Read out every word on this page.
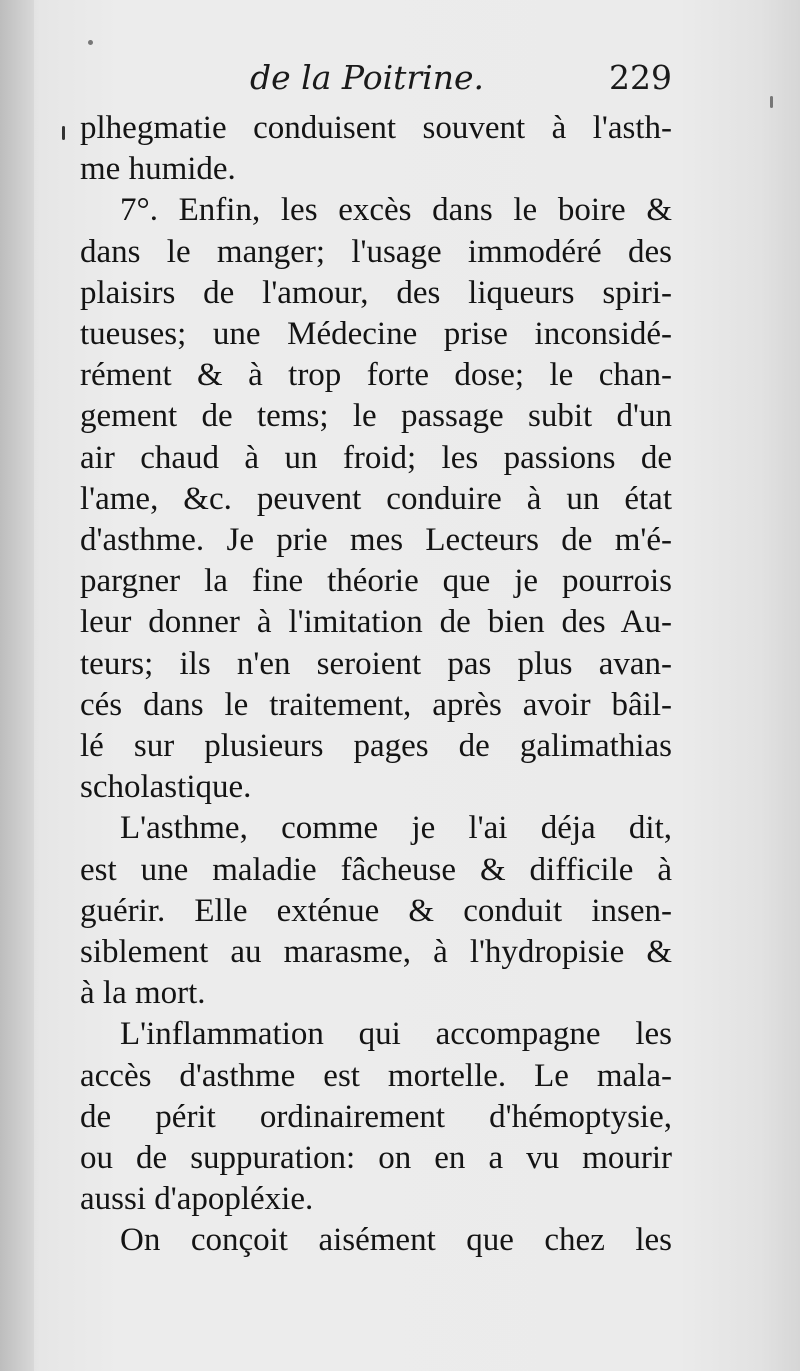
de la Poitrine.	229
plhegmatie conduisent souvent à l'asth-
me humide.
7°. Enfin, les excès dans le boire &
dans le manger; l'usage immodéré des
plaisirs de l'amour, des liqueurs spiri-
tueuses; une Médecine prise inconsidé-
rément & à trop forte dose; le chan-
gement de tems; le passage subit d'un
air chaud à un froid; les passions de
l'ame, &c. peuvent conduire à un état
d'asthme. Je prie mes Lecteurs de m'é-
pargner la fine théorie que je pourrois
leur donner à l'imitation de bien des Au-
teurs; ils n'en seroient pas plus avan-
cés dans le traitement, après avoir bâil-
lé sur plusieurs pages de galimathias
scholastique.
L'asthme, comme je l'ai déja dit,
est une maladie fâcheuse & difficile à
guérir. Elle exténue & conduit insen-
siblement au marasme, à l'hydropisie &
à la mort.
L'inflammation qui accompagne les
accès d'asthme est mortelle. Le mala-
de périt ordinairement d'hémoptysie,
ou de suppuration: on en a vu mourir
aussi d'apopléxie.
On conçoit aisément que chez les
